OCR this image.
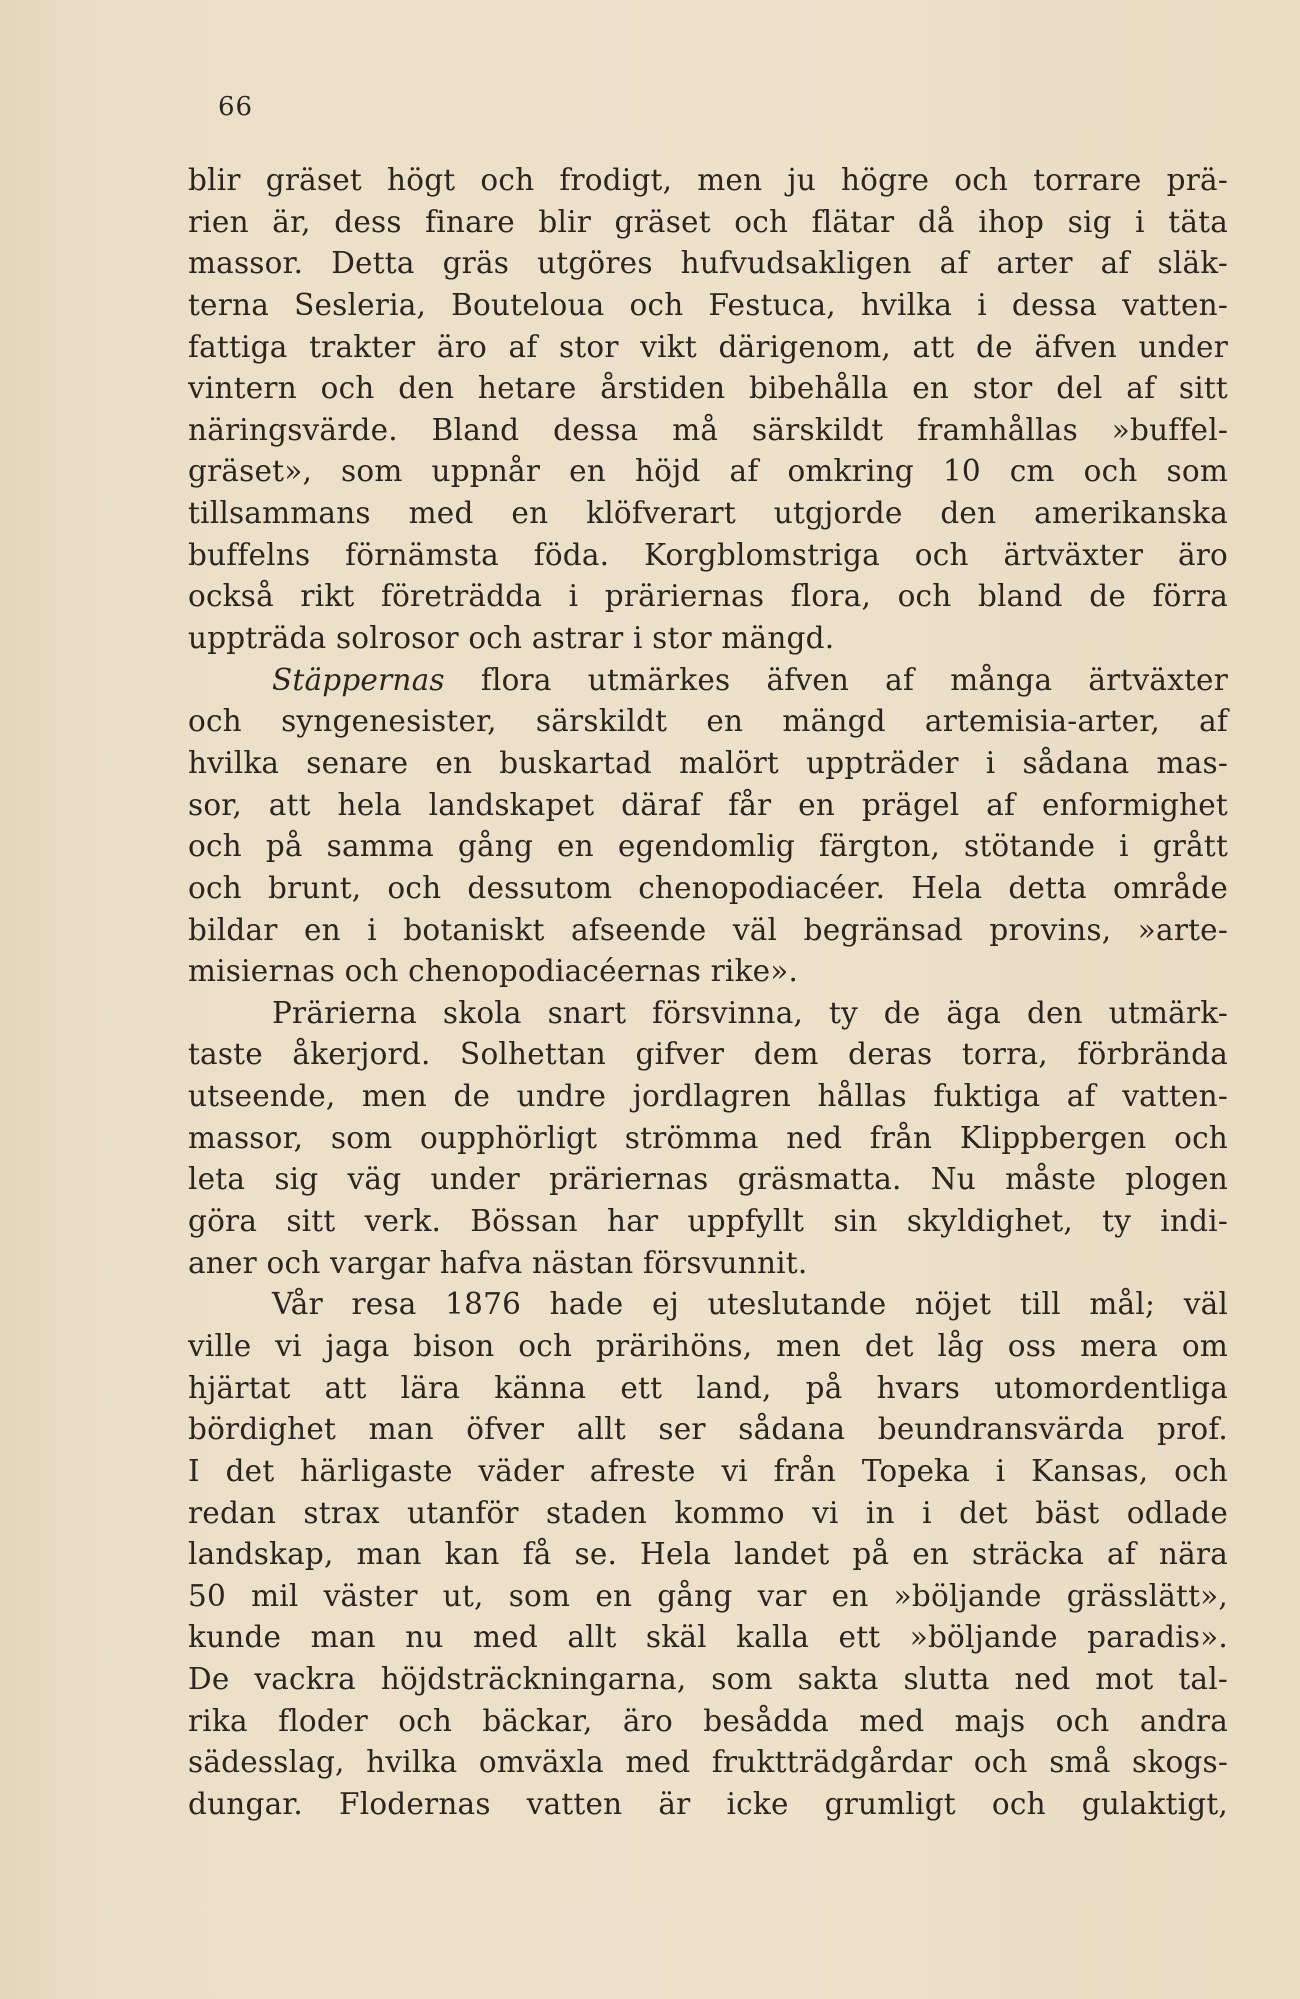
66
blir gräset högt och frodigt, men ju högre och torrare prä-
rien är, dess finare blir gräset och flätar då ihop sig i täta
massor. Detta gräs utgöres hufvudsakligen af arter af släk-
terna Sesleria, Bouteloua och Festuca, hvilka i dessa vatten-
fattiga trakter äro af stor vikt därigenom, att de äfven under
vintern och den hetare årstiden bibehålla en stor del af sitt
näringsvärde. Bland dessa må särskildt framhållas »buffel-
gräset», som uppnår en höjd af omkring 10 cm och som
tillsammans med en klöfverart utgjorde den amerikanska
buffelns förnämsta föda. Korgblomstriga och ärtväxter äro
också rikt företrädda i präriernas flora, och bland de förra
uppträda solrosor och astrar i stor mängd.
Stäppernas flora utmärkes äfven af många ärtväxter
och syngenesister, särskildt en mängd artemisia-arter, af
hvilka senare en buskartad malört uppträder i sådana mas-
sor, att hela landskapet däraf får en prägel af enformighet
och på samma gång en egendomlig färgton, stötande i grått
och brunt, och dessutom chenopodiacéer. Hela detta område
bildar en i botaniskt afseende väl begränsad provins, »arte-
misiernas och chenopodiacéernas rike».
Prärierna skola snart försvinna, ty de äga den utmärk-
taste åkerjord. Solhettan gifver dem deras torra, förbrända
utseende, men de undre jordlagren hållas fuktiga af vatten-
massor, som oupphörligt strömma ned från Klippbergen och
leta sig väg under präriernas gräsmatta. Nu måste plogen
göra sitt verk. Bössan har uppfyllt sin skyldighet, ty indi-
aner och vargar hafva nästan försvunnit.
Vår resa 1876 hade ej uteslutande nöjet till mål; väl
ville vi jaga bison och prärihöns, men det låg oss mera om
hjärtat att lära känna ett land, på hvars utomordentliga
bördighet man öfver allt ser sådana beundransvärda prof.
I det härligaste väder afreste vi från Topeka i Kansas, och
redan strax utanför staden kommo vi in i det bäst odlade
landskap, man kan få se. Hela landet på en sträcka af nära
50 mil väster ut, som en gång var en »böljande grässlätt»,
kunde man nu med allt skäl kalla ett »böljande paradis».
De vackra höjdsträckningarna, som sakta slutta ned mot tal-
rika floder och bäckar, äro besådda med majs och andra
sädesslag, hvilka omväxla med fruktträdgårdar och små skogs-
dungar. Flodernas vatten är icke grumligt och gulaktigt,
